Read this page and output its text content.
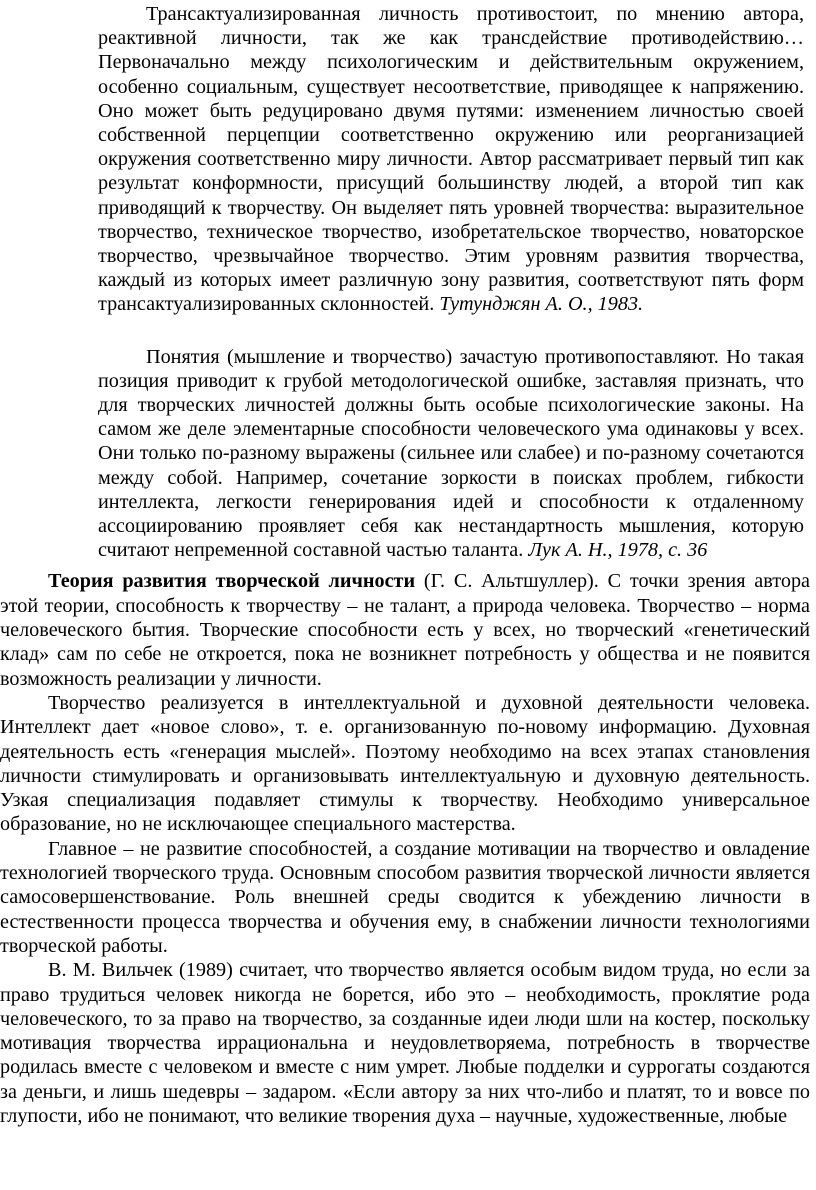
Трансактуализированная личность противостоит, по мнению автора, реактивной личности, так же как трансдействие противодействию… Первоначально между психологическим и действительным окружением, особенно социальным, существует несоответствие, приводящее к напряжению. Оно может быть редуцировано двумя путями: изменением личностью своей собственной перцепции соответственно окружению или реорганизацией окружения соответственно миру личности. Автор рассматривает первый тип как результат конформности, присущий большинству людей, а второй тип как приводящий к творчеству. Он выделяет пять уровней творчества: выразительное творчество, техническое творчество, изобретательское творчество, новаторское творчество, чрезвычайное творчество. Этим уровням развития творчества, каждый из которых имеет различную зону развития, соответствуют пять форм трансактуализированных склонностей. Тутунджян А. О., 1983.

Понятия (мышление и творчество) зачастую противопоставляют. Но такая позиция приводит к грубой методологической ошибке, заставляя признать, что для творческих личностей должны быть особые психологические законы. На самом же деле элементарные способности человеческого ума одинаковы у всех. Они только по-разному выражены (сильнее или слабее) и по-разному сочетаются между собой. Например, сочетание зоркости в поисках проблем, гибкости интеллекта, легкости генерирования идей и способности к отдаленному ассоциированию проявляет себя как нестандартность мышления, которую считают непременной составной частью таланта. Лук А. Н., 1978, с. 36

Теория развития творческой личности (Г. С. Альтшуллер). С точки зрения автора этой теории, способность к творчеству – не талант, а природа человека. Творчество – норма человеческого бытия. Творческие способности есть у всех, но творческий «генетический клад» сам по себе не откроется, пока не возникнет потребность у общества и не появится возможность реализации у личности.

Творчество реализуется в интеллектуальной и духовной деятельности человека. Интеллект дает «новое слово», т. е. организованную по-новому информацию. Духовная деятельность есть «генерация мыслей». Поэтому необходимо на всех этапах становления личности стимулировать и организовывать интеллектуальную и духовную деятельность. Узкая специализация подавляет стимулы к творчеству. Необходимо универсальное образование, но не исключающее специального мастерства.

Главное – не развитие способностей, а создание мотивации на творчество и овладение технологией творческого труда. Основным способом развития творческой личности является самосовершенствование. Роль внешней среды сводится к убеждению личности в естественности процесса творчества и обучения ему, в снабжении личности технологиями творческой работы.

В. М. Вильчек (1989) считает, что творчество является особым видом труда, но если за право трудиться человек никогда не борется, ибо это – необходимость, проклятие рода человеческого, то за право на творчество, за созданные идеи люди шли на костер, поскольку мотивация творчества иррациональна и неудовлетворяема, потребность в творчестве родилась вместе с человеком и вместе с ним умрет. Любые подделки и суррогаты создаются за деньги, и лишь шедевры – задаром. «Если автору за них что-либо и платят, то и вовсе по глупости, ибо не понимают, что великие творения духа – научные, художественные, любые
